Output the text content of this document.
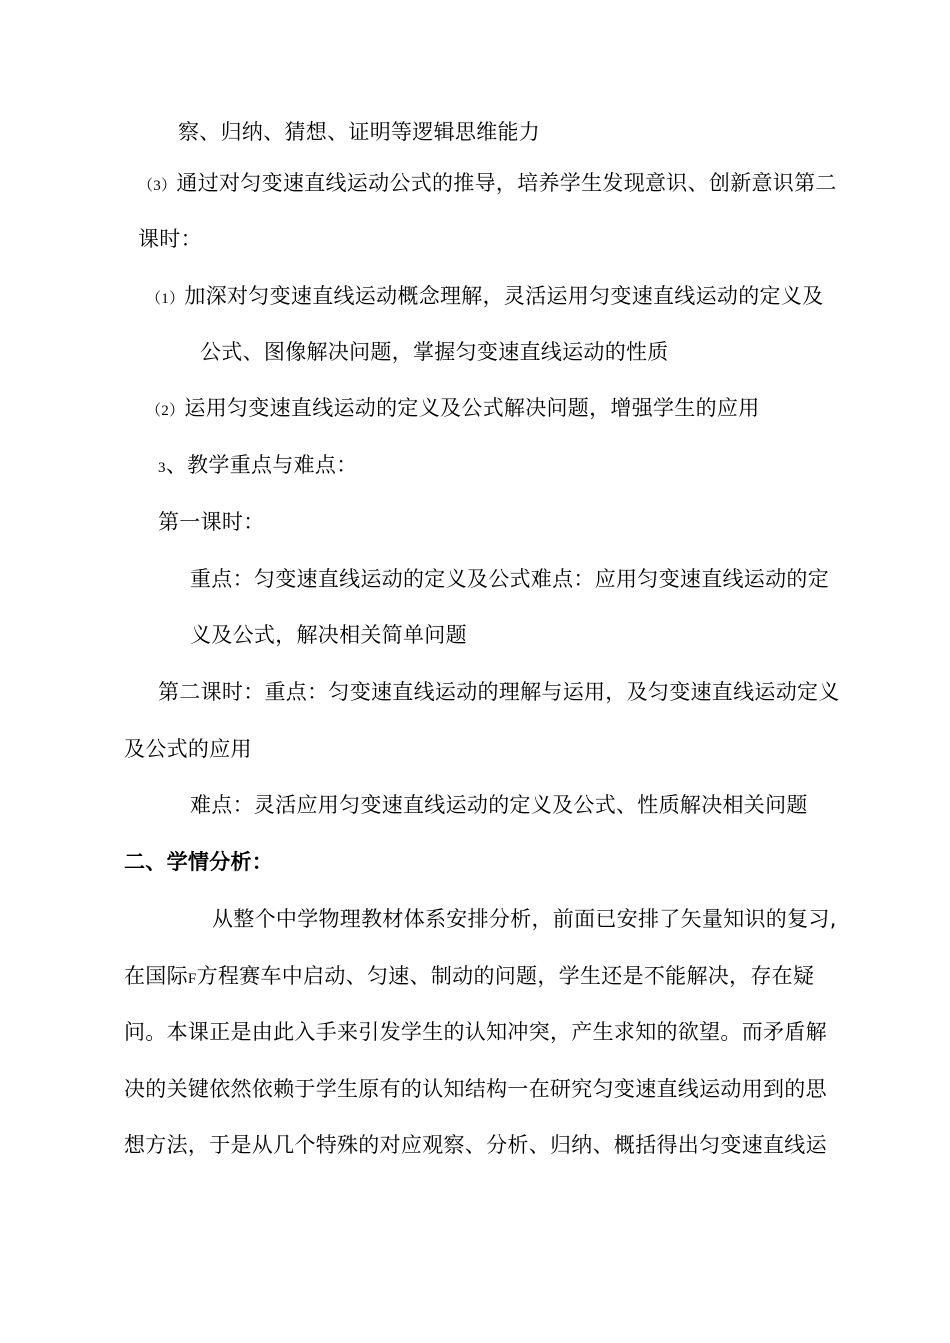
察、归纳、猜想、证明等逻辑思维能力
（3）通过对匀变速直线运动公式的推导，培养学生发现意识、创新意识第二
课时：
（1）加深对匀变速直线运动概念理解，灵活运用匀变速直线运动的定义及
公式、图像解决问题，掌握匀变速直线运动的性质
（2）运用匀变速直线运动的定义及公式解决问题，增强学生的应用
3、教学重点与难点：
第一课时：
重点：匀变速直线运动的定义及公式难点：应用匀变速直线运动的定
义及公式，解决相关简单问题
第二课时：重点：匀变速直线运动的理解与运用，及匀变速直线运动定义
及公式的应用
难点：灵活应用匀变速直线运动的定义及公式、性质解决相关问题
二、学情分析：
从整个中学物理教材体系安排分析，前面已安排了矢量知识的复习,
在国际F方程赛车中启动、匀速、制动的问题，学生还是不能解决，存在疑
问。本课正是由此入手来引发学生的认知冲突，产生求知的欲望。而矛盾解
决的关键依然依赖于学生原有的认知结构一在研究匀变速直线运动用到的思
想方法，于是从几个特殊的对应观察、分析、归纳、概括得出匀变速直线运
